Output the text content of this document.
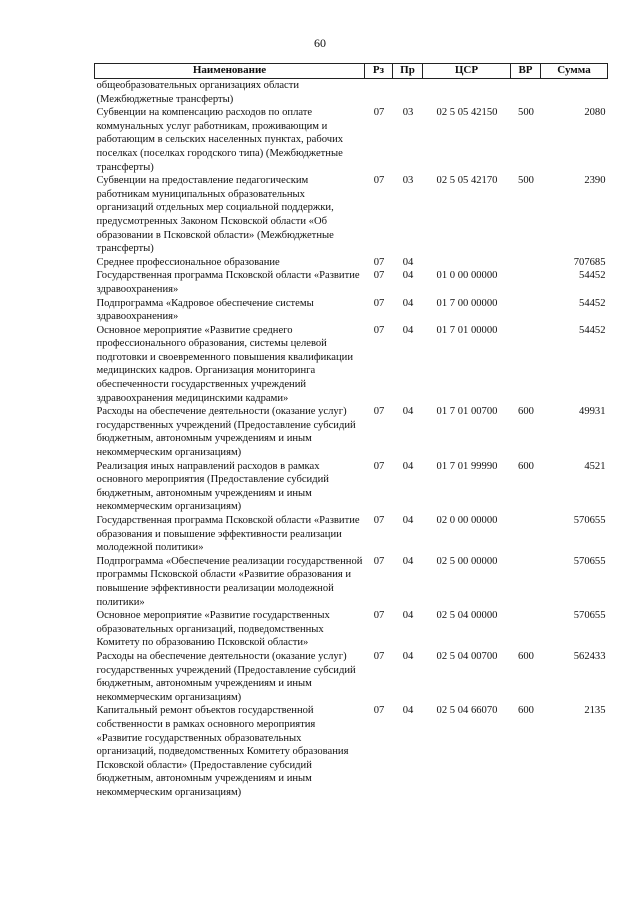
60
Наименование	Рз	Пр	ЦСР	ВР	Сумма
общеобразовательных организациях области (Межбюджетные трансферты)					
Субвенции на компенсацию расходов по оплате коммунальных услуг работникам, проживающим и работающим в сельских населенных пунктах, рабочих поселках (поселках городского типа) (Межбюджетные трансферты)	07	03	02 5 05 42150	500	2080
Субвенции на предоставление педагогическим работникам муниципальных образовательных организаций отдельных мер социальной поддержки, предусмотренных Законом Псковской области «Об образовании в Псковской области» (Межбюджетные трансферты)	07	03	02 5 05 42170	500	2390
Среднее профессиональное образование	07	04			707685
Государственная программа Псковской области «Развитие здравоохранения»	07	04	01 0 00 00000		54452
Подпрограмма «Кадровое обеспечение системы здравоохранения»	07	04	01 7 00 00000		54452
Основное мероприятие «Развитие среднего профессионального образования, системы целевой подготовки и своевременного повышения квалификации медицинских кадров. Организация мониторинга обеспеченности государственных учреждений здравоохранения медицинскими кадрами»	07	04	01 7 01 00000		54452
Расходы на обеспечение деятельности (оказание услуг) государственных учреждений (Предоставление субсидий бюджетным, автономным учреждениям и иным некоммерческим организациям)	07	04	01 7 01 00700	600	49931
Реализация иных направлений расходов в рамках основного мероприятия (Предоставление субсидий бюджетным, автономным учреждениям и иным некоммерческим организациям)	07	04	01 7 01 99990	600	4521
Государственная программа Псковской области «Развитие образования и повышение эффективности реализации молодежной политики»	07	04	02 0 00 00000		570655
Подпрограмма «Обеспечение реализации государственной программы Псковской области «Развитие образования и повышение эффективности реализации молодежной политики»	07	04	02 5 00 00000		570655
Основное мероприятие «Развитие государственных образовательных организаций, подведомственных Комитету по образованию Псковской области»	07	04	02 5 04 00000		570655
Расходы на обеспечение деятельности (оказание услуг) государственных учреждений (Предоставление субсидий бюджетным, автономным учреждениям и иным некоммерческим организациям)	07	04	02 5 04 00700	600	562433
Капитальный ремонт объектов государственной собственности в рамках основного мероприятия «Развитие государственных образовательных организаций, подведомственных Комитету образования Псковской области» (Предоставление субсидий бюджетным, автономным учреждениям и иным некоммерческим организациям)	07	04	02 5 04 66070	600	2135
